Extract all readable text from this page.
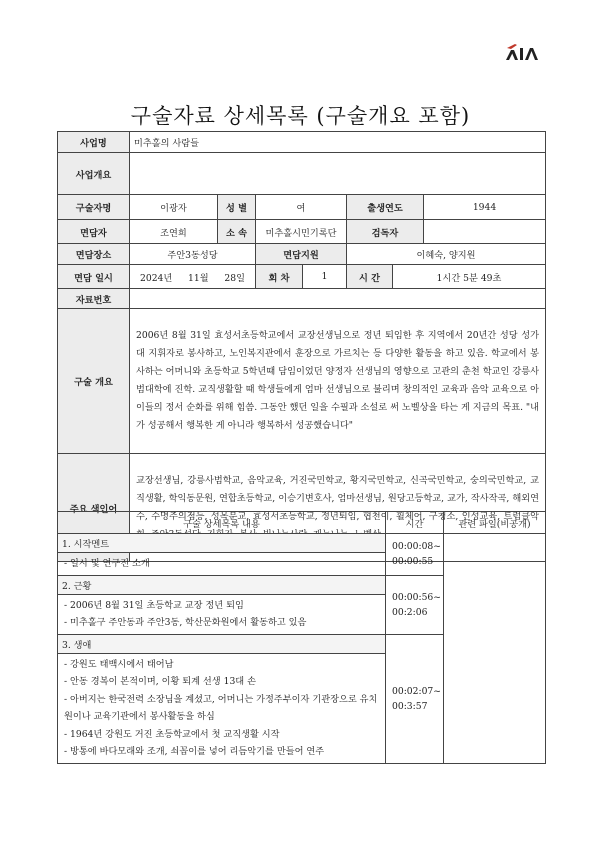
구술자료 상세목록 (구술개요 포함)
사업명	미추홀의 사람들						
사업개요							
구술자명	이광자	성 별	여		출생연도		1944
면담자	조연희	소 속	미추홀시민기록단		검독자		
면담장소	주안3동성당		면담지원		이혜숙, 양지원		
면담 일시	2024년 11월 28일		회 차	1	시 간	1시간 5분 49초	
자료번호							
구술 개요	2006년 8월 31일 효성서초등학교에서 교장선생님으로 정년 퇴임한 후 지역에서 20년간 성당 성가대 지휘자로 봉사하고, 노인복지관에서 훈장으로 가르치는 등 다양한 활동을 하고 있음. 학교에서 봉사하는 어머니와 초등학교 5학년때 담임이었던 양정자 선생님의 영향으로 고관의 춘천 학교인 강릉사범대학에 진학. 교직생활할 때 학생들에게 엄마 선생님으로 불리며 창의적인 교육과 음악 교육으로 아이들의 정서 순화를 위해 힘씀. 그동안 했던 일을 수필과 소설로 써 노벨상을 타는 게 지금의 목표. "내가 성공해서 행복한 게 아니라 행복하서 성공했습니다"						
주요 색인어	교장선생님, 강릉사범학교, 음악교육, 거진국민학교, 황지국민학교, 신곡국민학교, 숭의국민학교, 교직생활, 학익동문원, 연합초등학교, 이승기변호사, 엄마선생님, 원당고등학교, 교가, 작사작곡, 해외연수, 수명주의점등, 성목분교, 효성서초등학교, 정년퇴임, 협천이, 휠체어, 구청소, 인성교육, 트럼클악						
구술 상세목록 내용	시간	관련 파일(비공개)
1. 시작멘트	00:00:08~
00:00:55	

- 일시 및 연구진 소개		

2. 근황	00:00:56~
00:2:06	

- 2006년 8월 31일 초등학교 교장 정년 퇴임
- 미추홀구 주안동과 주안3동, 학산문화원에서 활동하고 있음		

3. 생애	00:02:07~
00:3:57	

- 강원도 태백시에서 태어남
- 안동 경복이 본적이며, 이황 퇴계 선생 13대 손
- 아버지는 한국전력 소장님을 계셨고, 어머니는 가정주부이자 기관장으로 유치원이나 교육기관에서 봉사활동을 하심
- 1964년 강원도 거진 초등학교에서 첫 교직생활 시작
- 방통에 바다모래와 조개, 쇠꼽이를 넣어 리듬악기를 만들어 연주		
